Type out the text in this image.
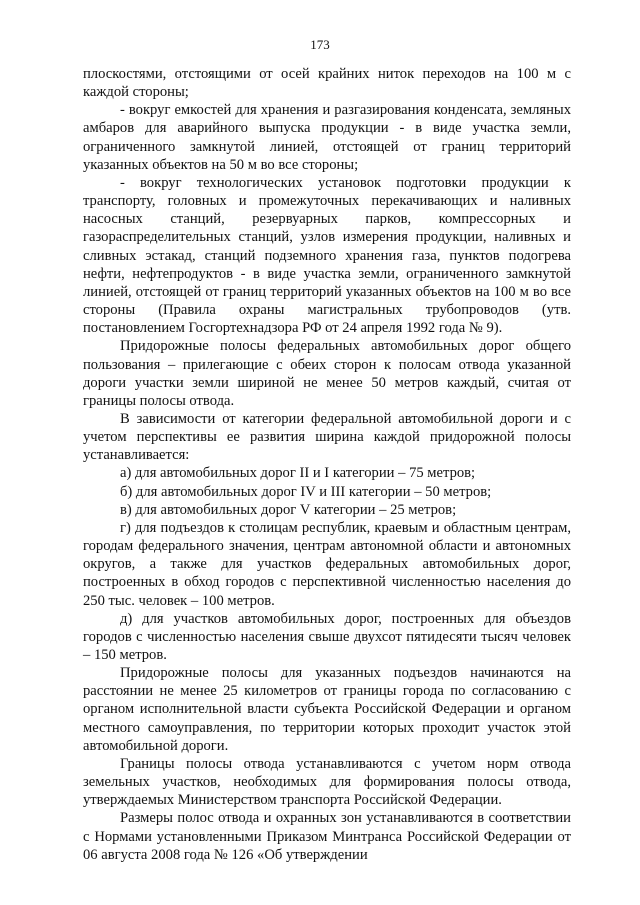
173

плоскостями, отстоящими от осей крайних ниток переходов на 100 м с каждой стороны;

- вокруг емкостей для хранения и разгазирования конденсата, земляных амбаров для аварийного выпуска продукции - в виде участка земли, ограниченного замкнутой линией, отстоящей от границ территорий указанных объектов на 50 м во все стороны;

- вокруг технологических установок подготовки продукции к транспорту, головных и промежуточных перекачивающих и наливных насосных станций, резервуарных парков, компрессорных и газораспределительных станций, узлов измерения продукции, наливных и сливных эстакад, станций подземного хранения газа, пунктов подогрева нефти, нефтепродуктов - в виде участка земли, ограниченного замкнутой линией, отстоящей от границ территорий указанных объектов на 100 м во все стороны (Правила охраны магистральных трубопроводов (утв. постановлением Госгортехнадзора РФ от 24 апреля 1992 года № 9).

Придорожные полосы федеральных автомобильных дорог общего пользования – прилегающие с обеих сторон к полосам отвода указанной дороги участки земли шириной не менее 50 метров каждый, считая от границы полосы отвода.

В зависимости от категории федеральной автомобильной дороги и с учетом перспективы ее развития ширина каждой придорожной полосы устанавливается:

а) для автомобильных дорог II и I категории – 75 метров;

б) для автомобильных дорог IV и III категории – 50 метров;

в) для автомобильных дорог V категории – 25 метров;

г) для подъездов к столицам республик, краевым и областным центрам, городам федерального значения, центрам автономной области и автономных округов, а также для участков федеральных автомобильных дорог, построенных в обход городов с перспективной численностью населения до 250 тыс. человек – 100 метров.

д) для участков автомобильных дорог, построенных для объездов городов с численностью населения свыше двухсот пятидесяти тысяч человек – 150 метров.

Придорожные полосы для указанных подъездов начинаются на расстоянии не менее 25 километров от границы города по согласованию с органом исполнительной власти субъекта Российской Федерации и органом местного самоуправления, по территории которых проходит участок этой автомобильной дороги.

Границы полосы отвода устанавливаются с учетом норм отвода земельных участков, необходимых для формирования полосы отвода, утверждаемых Министерством транспорта Российской Федерации.

Размеры полос отвода и охранных зон устанавливаются в соответствии с Нормами установленными Приказом Минтранса Российской Федерации от 06 августа 2008 года № 126 «Об утверждении
